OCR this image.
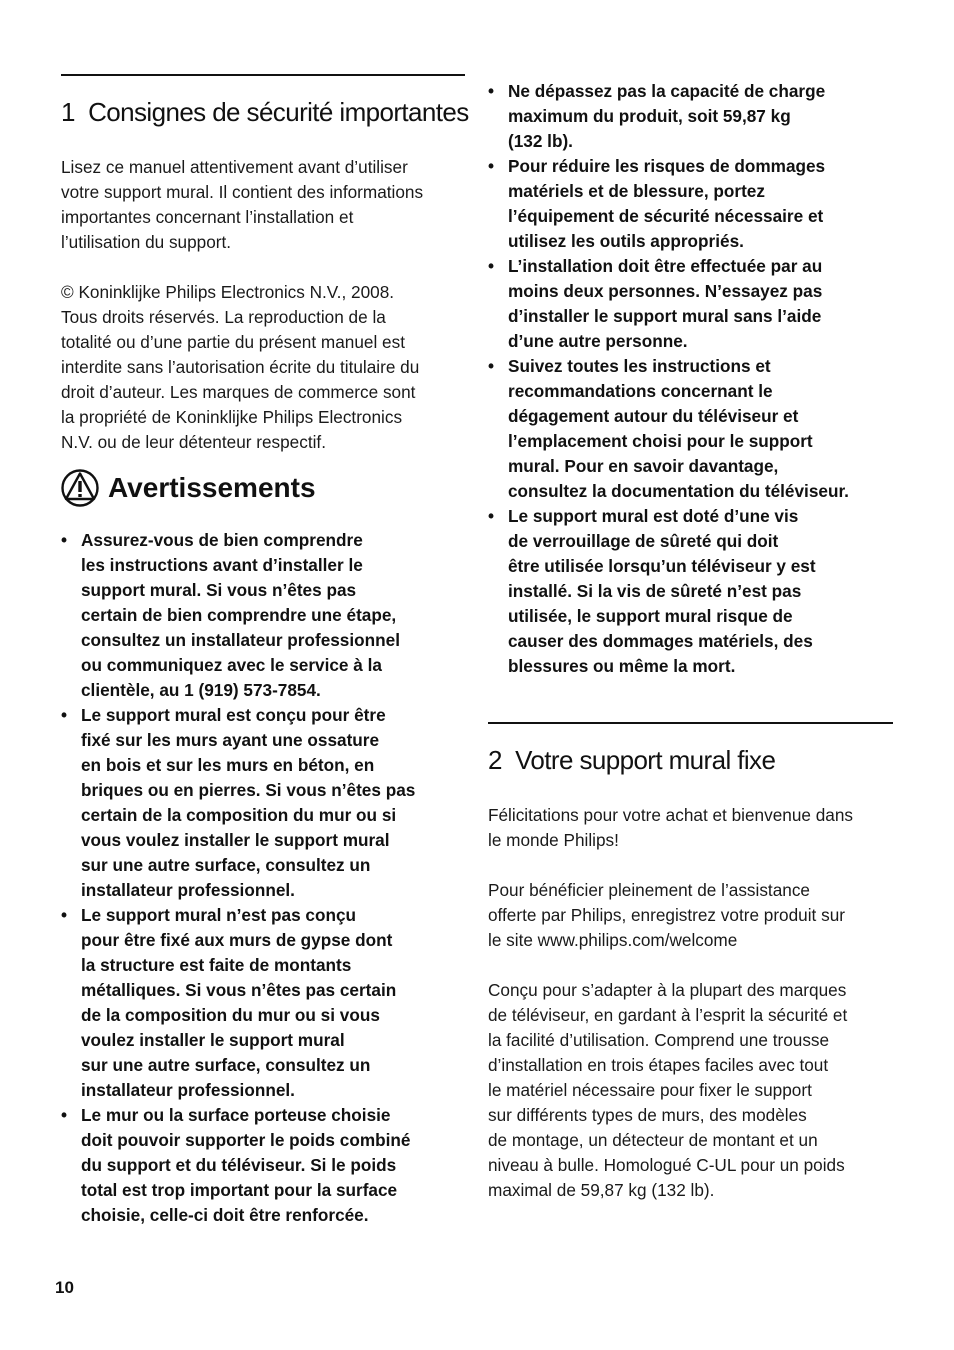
1 Consignes de sécurité importantes

Lisez ce manuel attentivement avant d’utiliser
votre support mural. Il contient des informations
importantes concernant l’installation et
l’utilisation du support.

© Koninklijke Philips Electronics N.V., 2008.
Tous droits réservés. La reproduction de la
totalité ou d’une partie du présent manuel est
interdite sans l’autorisation écrite du titulaire du
droit d’auteur. Les marques de commerce sont
la propriété de Koninklijke Philips Electronics
N.V. ou de leur détenteur respectif.

Avertissements
• Assurez-vous de bien comprendre
les instructions avant d’installer le
support mural. Si vous n’êtes pas
certain de bien comprendre une étape,
consultez un installateur professionnel
ou communiquez avec le service à la
clientèle, au 1 (919) 573-7854.
• Le support mural est conçu pour être
fixé sur les murs ayant une ossature
en bois et sur les murs en béton, en
briques ou en pierres. Si vous n’êtes pas
certain de la composition du mur ou si
vous voulez installer le support mural
sur une autre surface, consultez un
installateur professionnel.
• Le support mural n’est pas conçu
pour être fixé aux murs de gypse dont
la structure est faite de montants
métalliques. Si vous n’êtes pas certain
de la composition du mur ou si vous
voulez installer le support mural
sur une autre surface, consultez un
installateur professionnel.
• Le mur ou la surface porteuse choisie
doit pouvoir supporter le poids combiné
du support et du téléviseur. Si le poids
total est trop important pour la surface
choisie, celle-ci doit être renforcée.
• Ne dépassez pas la capacité de charge
maximum du produit, soit 59,87 kg
(132 lb).
• Pour réduire les risques de dommages
matériels et de blessure, portez
l’équipement de sécurité nécessaire et
utilisez les outils appropriés.
• L’installation doit être effectuée par au
moins deux personnes. N’essayez pas
d’installer le support mural sans l’aide
d’une autre personne.
• Suivez toutes les instructions et
recommandations concernant le
dégagement autour du téléviseur et
l’emplacement choisi pour le support
mural. Pour en savoir davantage,
consultez la documentation du téléviseur.
• Le support mural est doté d’une vis
de verrouillage de sûreté qui doit
être utilisée lorsqu’un téléviseur y est
installé. Si la vis de sûreté n’est pas
utilisée, le support mural risque de
causer des dommages matériels, des
blessures ou même la mort.
2 Votre support mural fixe

Félicitations pour votre achat et bienvenue dans
le monde Philips!

Pour bénéficier pleinement de l’assistance
offerte par Philips, enregistrez votre produit sur
le site www.philips.com/welcome

Conçu pour s’adapter à la plupart des marques
de téléviseur, en gardant à l’esprit la sécurité et
la facilité d’utilisation. Comprend une trousse
d’installation en trois étapes faciles avec tout
le matériel nécessaire pour fixer le support
sur différents types de murs, des modèles
de montage, un détecteur de montant et un
niveau à bulle. Homologué C-UL pour un poids
maximal de 59,87 kg (132 lb).

10
